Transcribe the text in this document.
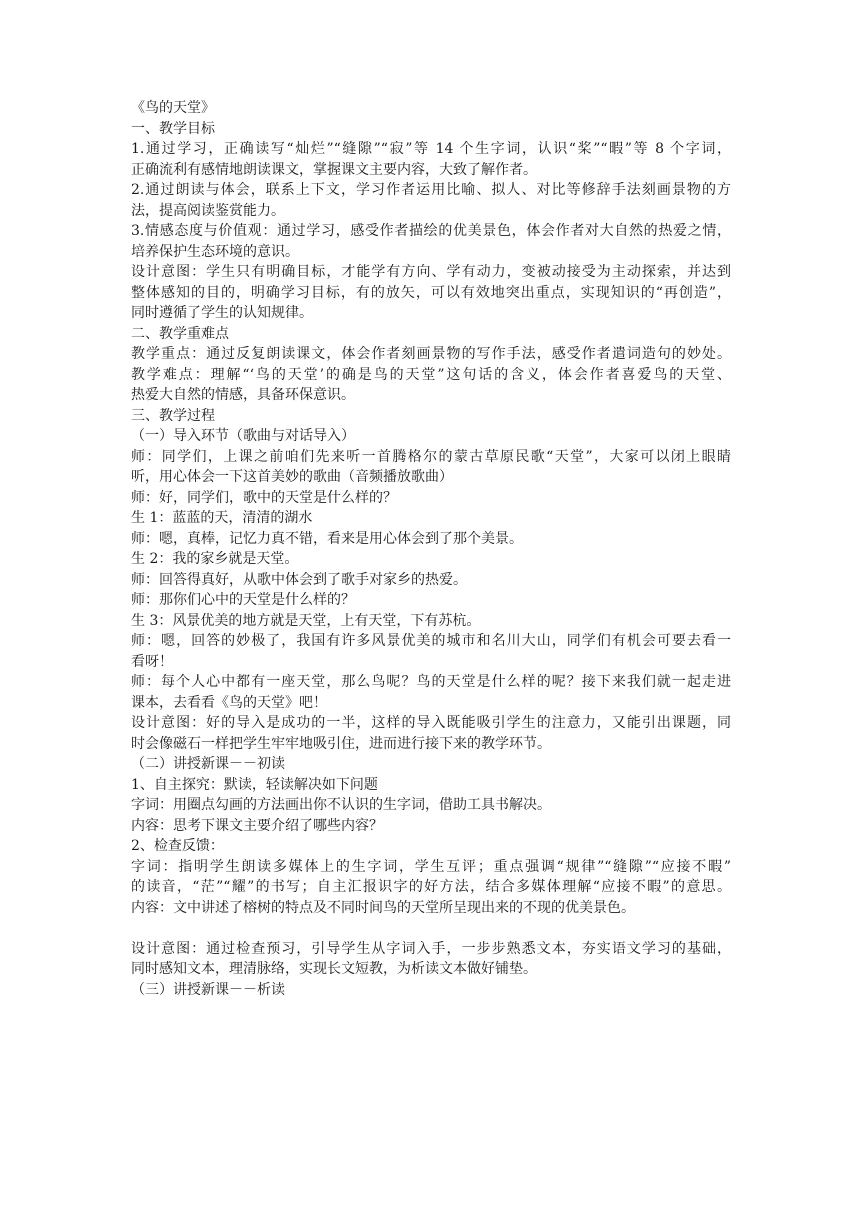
《鸟的天堂》
一、教学目标
1.通过学习，正确读写“灿烂”“缝隙”“寂”等 14 个生字词，认识“桨”“暇”等 8 个字词，
正确流利有感情地朗读课文，掌握课文主要内容，大致了解作者。
2.通过朗读与体会，联系上下文，学习作者运用比喻、拟人、对比等修辞手法刻画景物的方
法，提高阅读鉴赏能力。
3.情感态度与价值观：通过学习，感受作者描绘的优美景色，体会作者对大自然的热爱之情，
培养保护生态环境的意识。
设计意图：学生只有明确目标，才能学有方向、学有动力，变被动接受为主动探索，并达到
整体感知的目的，明确学习目标，有的放矢，可以有效地突出重点，实现知识的“再创造”，
同时遵循了学生的认知规律。
二、教学重难点
教学重点：通过反复朗读课文，体会作者刻画景物的写作手法，感受作者遣词造句的妙处。
教学难点：理解“‘鸟的天堂’的确是鸟的天堂”这句话的含义，体会作者喜爱鸟的天堂、
热爱大自然的情感，具备环保意识。
三、教学过程
（一）导入环节（歌曲与对话导入）
师：同学们，上课之前咱们先来听一首腾格尔的蒙古草原民歌“天堂”，大家可以闭上眼睛
听，用心体会一下这首美妙的歌曲（音频播放歌曲）
师：好，同学们，歌中的天堂是什么样的？
生 1：蓝蓝的天，清清的湖水
师：嗯，真棒，记忆力真不错，看来是用心体会到了那个美景。
生 2：我的家乡就是天堂。
师：回答得真好，从歌中体会到了歌手对家乡的热爱。
师：那你们心中的天堂是什么样的？
生 3：风景优美的地方就是天堂，上有天堂，下有苏杭。
师：嗯，回答的妙极了，我国有许多风景优美的城市和名川大山，同学们有机会可要去看一
看呀！
师：每个人心中都有一座天堂，那么鸟呢？鸟的天堂是什么样的呢？接下来我们就一起走进
课本，去看看《鸟的天堂》吧！
设计意图：好的导入是成功的一半，这样的导入既能吸引学生的注意力，又能引出课题，同
时会像磁石一样把学生牢牢地吸引住，进而进行接下来的教学环节。
（二）讲授新课－－初读
1、自主探究：默读，轻读解决如下问题
字词：用圈点勾画的方法画出你不认识的生字词，借助工具书解决。
内容：思考下课文主要介绍了哪些内容？
2、检查反馈：
字词：指明学生朗读多媒体上的生字词，学生互评；重点强调“规律”“缝隙”“应接不暇”
的读音，“茫”“耀”的书写；自主汇报识字的好方法，结合多媒体理解“应接不暇”的意思。
内容：文中讲述了榕树的特点及不同时间鸟的天堂所呈现出来的不现的优美景色。
设计意图：通过检查预习，引导学生从字词入手，一步步熟悉文本，夯实语文学习的基础，
同时感知文本，理清脉络，实现长文短教，为析读文本做好铺垫。
（三）讲授新课－－析读
